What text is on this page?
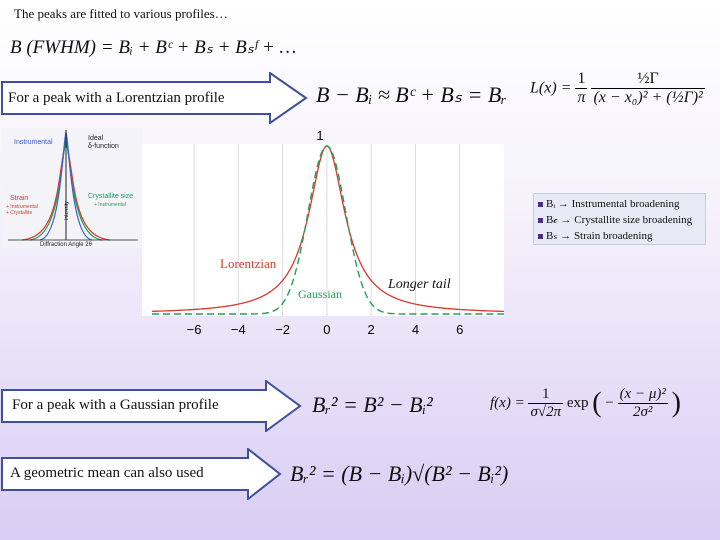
The peaks are fitted to various profiles…
B (FWHM) = Bᵢ + Bᶜ + Bₛ + Bₛᶠ + …
For a peak with a Lorentzian profile	B − Bᵢ ≈ Bᶜ + Bₛ = Bᵣ $L(x) = \frac{1}{\pi}$
$\frac{\text{½Γ}}{\text{(x − x₀)² + (½Γ)²}}$
Instrumental
Ideal
δ-function
Strain
+ Instrumental
+ Crystallite
Crystallite size
+ Instrumental
Intensity
Diffraction Angle 2θ
1
Lorentzian
Gaussian
Longer tail
−6 −4 −2	0	2	4	6
Bᵢ → Instrumental broadening
B𝒸 → Crystallite size broadening
Bₛ → Strain broadening
For a peak with a Gaussian profile	Bᵣ² = B² − Bᵢ²	$f(x) = \frac{1}{\sigma√2\pi}$ exp ( − $\frac{\text{(x − μ)²}}{\text{2σ²}}$ )
A geometric mean can also used	Bᵣ² = (B − Bᵢ)√(B² − Bᵢ²)
